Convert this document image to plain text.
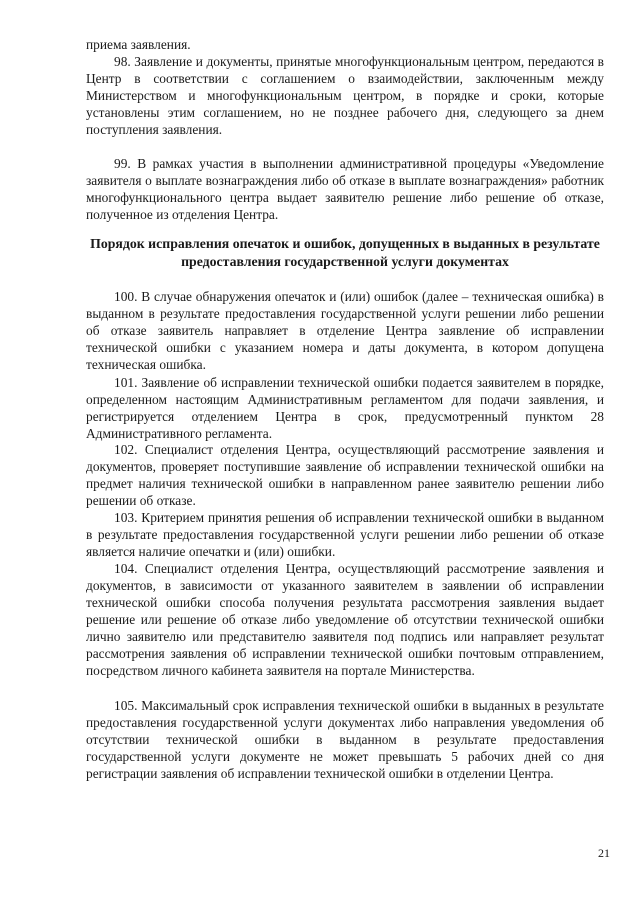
приема заявления.

98. Заявление и документы, принятые многофункциональным центром, передаются в Центр в соответствии с соглашением о взаимодействии, заключенным между Министерством и многофункциональным центром, в порядке и сроки, которые установлены этим соглашением, но не позднее рабочего дня, следующего за днем поступления заявления.

99. В рамках участия в выполнении административной процедуры «Уведомление заявителя о выплате вознаграждения либо об отказе в выплате вознаграждения» работник многофункционального центра выдает заявителю решение либо решение об отказе, полученное из отделения Центра.

Порядок исправления опечаток и ошибок, допущенных в выданных в результате предоставления государственной услуги документах

100. В случае обнаружения опечаток и (или) ошибок (далее – техническая ошибка) в выданном в результате предоставления государственной услуги решении либо решении об отказе заявитель направляет в отделение Центра заявление об исправлении технической ошибки с указанием номера и даты документа, в котором допущена техническая ошибка.

101. Заявление об исправлении технической ошибки подается заявителем в порядке, определенном настоящим Административным регламентом для подачи заявления, и регистрируется отделением Центра в срок, предусмотренный пунктом 28 Административного регламента.

102. Специалист отделения Центра, осуществляющий рассмотрение заявления и документов, проверяет поступившие заявление об исправлении технической ошибки на предмет наличия технической ошибки в направленном ранее заявителю решении либо решении об отказе.

103. Критерием принятия решения об исправлении технической ошибки в выданном в результате предоставления государственной услуги решении либо решении об отказе является наличие опечатки и (или) ошибки.

104. Специалист отделения Центра, осуществляющий рассмотрение заявления и документов, в зависимости от указанного заявителем в заявлении об исправлении технической ошибки способа получения результата рассмотрения заявления выдает решение или решение об отказе либо уведомление об отсутствии технической ошибки лично заявителю или представителю заявителя под подпись или направляет результат рассмотрения заявления об исправлении технической ошибки почтовым отправлением, посредством личного кабинета заявителя на портале Министерства.

105. Максимальный срок исправления технической ошибки в выданных в результате предоставления государственной услуги документах либо направления уведомления об отсутствии технической ошибки в выданном в результате предоставления государственной услуги документе не может превышать 5 рабочих дней со дня регистрации заявления об исправлении технической ошибки в отделении Центра.

21
